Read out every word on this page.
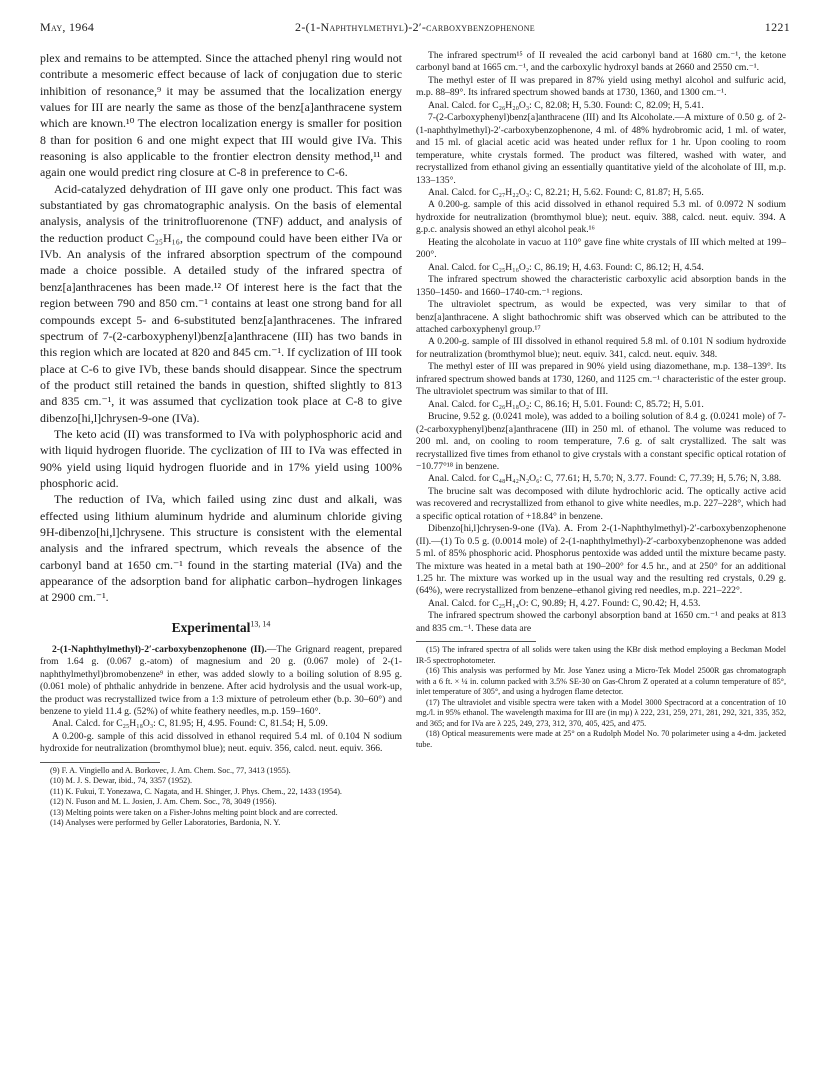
May, 1964	2-(1-Naphthylmethyl)-2′-carboxybenzophenone	1221

plex and remains to be attempted. Since the attached phenyl ring would not contribute a mesomeric effect because of lack of conjugation due to steric inhibition of resonance,⁹ it may be assumed that the localization energy values for III are nearly the same as those of the benz[a]anthracene system which are known.¹⁰ The electron localization energy is smaller for position 8 than for position 6 and one might expect that III would give IVa. This reasoning is also applicable to the frontier electron density method,¹¹ and again one would predict ring closure at C-8 in preference to C-6.

Acid-catalyzed dehydration of III gave only one product. This fact was substantiated by gas chromatographic analysis. On the basis of elemental analysis, analysis of the trinitrofluorenone (TNF) adduct, and analysis of the reduction product C₂₅H₁₆, the compound could have been either IVa or IVb. An analysis of the infrared absorption spectrum of the compound made a choice possible. A detailed study of the infrared spectra of benz[a]anthracenes has been made.¹² Of interest here is the fact that the region between 790 and 850 cm.⁻¹ contains at least one strong band for all compounds except 5- and 6-substituted benz[a]anthracenes. The infrared spectrum of 7-(2-carboxyphenyl)benz[a]anthracene (III) has two bands in this region which are located at 820 and 845 cm.⁻¹. If cyclization of III took place at C-6 to give IVb, these bands should disappear. Since the spectrum of the product still retained the bands in question, shifted slightly to 813 and 835 cm.⁻¹, it was assumed that cyclization took place at C-8 to give dibenzo[hi,l]chrysen-9-one (IVa).

The keto acid (II) was transformed to IVa with polyphosphoric acid and with liquid hydrogen fluoride. The cyclization of III to IVa was effected in 90% yield using liquid hydrogen fluoride and in 17% yield using 100% phosphoric acid.

The reduction of IVa, which failed using zinc dust and alkali, was effected using lithium aluminum hydride and aluminum chloride giving 9H-dibenzo[hi,l]chrysene. This structure is consistent with the elemental analysis and the infrared spectrum, which reveals the absence of the carbonyl band at 1650 cm.⁻¹ found in the starting material (IVa) and the appearance of the adsorption band for aliphatic carbon–hydrogen linkages at 2900 cm.⁻¹.

Experimental$^{13, 14}$

2-(1-Naphthylmethyl)-2′-carboxybenzophenone (II).—The Grignard reagent, prepared from 1.64 g. (0.067 g.-atom) of magnesium and 20 g. (0.067 mole) of 2-(1-naphthylmethyl)bromobenzene⁹ in ether, was added slowly to a boiling solution of 8.95 g. (0.061 mole) of phthalic anhydride in benzene. After acid hydrolysis and the usual work-up, the product was recrystallized twice from a 1:3 mixture of petroleum ether (b.p. 30–60°) and benzene to yield 11.4 g. (52%) of white feathery needles, m.p. 159–160°.

Anal. Calcd. for C₂₅H₁₈O₃: C, 81.95; H, 4.95. Found: C, 81.54; H, 5.09.

A 0.200-g. sample of this acid dissolved in ethanol required 5.4 ml. of 0.104 N sodium hydroxide for neutralization (bromthymol blue); neut. equiv. 356, calcd. neut. equiv. 366.

(9) F. A. Vingiello and A. Borkovec, J. Am. Chem. Soc., 77, 3413 (1955).

(10) M. J. S. Dewar, ibid., 74, 3357 (1952).

(11) K. Fukui, T. Yonezawa, C. Nagata, and H. Shinger, J. Phys. Chem., 22, 1433 (1954).

(12) N. Fuson and M. L. Josien, J. Am. Chem. Soc., 78, 3049 (1956).

(13) Melting points were taken on a Fisher-Johns melting point block and are corrected.

(14) Analyses were performed by Geller Laboratories, Bardonia, N. Y.

The infrared spectrum¹⁵ of II revealed the acid carbonyl band at 1680 cm.⁻¹, the ketone carbonyl band at 1665 cm.⁻¹, and the carboxylic hydroxyl bands at 2660 and 2550 cm.⁻¹.

The methyl ester of II was prepared in 87% yield using methyl alcohol and sulfuric acid, m.p. 88–89°. Its infrared spectrum showed bands at 1730, 1360, and 1300 cm.⁻¹.

Anal. Calcd. for C₂₆H₂₀O₃: C, 82.08; H, 5.30. Found: C, 82.09; H, 5.41.

7-(2-Carboxyphenyl)benz[a]anthracene (III) and Its Alcoholate.—A mixture of 0.50 g. of 2-(1-naphthylmethyl)-2′-carboxybenzophenone, 4 ml. of 48% hydrobromic acid, 1 ml. of water, and 15 ml. of glacial acetic acid was heated under reflux for 1 hr. Upon cooling to room temperature, white crystals formed. The product was filtered, washed with water, and recrystallized from ethanol giving an essentially quantitative yield of the alcoholate of III, m.p. 133–135°.

Anal. Calcd. for C₂₇H₂₂O₃: C, 82.21; H, 5.62. Found: C, 81.87; H, 5.65.

A 0.200-g. sample of this acid dissolved in ethanol required 5.3 ml. of 0.0972 N sodium hydroxide for neutralization (bromthymol blue); neut. equiv. 388, calcd. neut. equiv. 394. A g.p.c. analysis showed an ethyl alcohol peak.¹⁶

Heating the alcoholate in vacuo at 110° gave fine white crystals of III which melted at 199–200°.

Anal. Calcd. for C₂₅H₁₆O₂: C, 86.19; H, 4.63. Found: C, 86.12; H, 4.54.

The infrared spectrum showed the characteristic carboxylic acid absorption bands in the 1350–1450- and 1660–1740-cm.⁻¹ regions.

The ultraviolet spectrum, as would be expected, was very similar to that of benz[a]anthracene. A slight bathochromic shift was observed which can be attributed to the attached carboxyphenyl group.¹⁷

A 0.200-g. sample of III dissolved in ethanol required 5.8 ml. of 0.101 N sodium hydroxide for neutralization (bromthymol blue); neut. equiv. 341, calcd. neut. equiv. 348.

The methyl ester of III was prepared in 90% yield using diazomethane, m.p. 138–139°. Its infrared spectrum showed bands at 1730, 1260, and 1125 cm.⁻¹ characteristic of the ester group. The ultraviolet spectrum was similar to that of III.

Anal. Calcd. for C₂₆H₁₈O₂: C, 86.16; H, 5.01. Found: C, 85.72; H, 5.01.

Brucine, 9.52 g. (0.0241 mole), was added to a boiling solution of 8.4 g. (0.0241 mole) of 7-(2-carboxyphenyl)benz[a]anthracene (III) in 250 ml. of ethanol. The volume was reduced to 200 ml. and, on cooling to room temperature, 7.6 g. of salt crystallized. The salt was recrystallized five times from ethanol to give crystals with a constant specific optical rotation of −10.77°¹⁸ in benzene.

Anal. Calcd. for C₄₈H₄₂N₂O₆: C, 77.61; H, 5.70; N, 3.77. Found: C, 77.39; H, 5.76; N, 3.88.

The brucine salt was decomposed with dilute hydrochloric acid. The optically active acid was recovered and recrystallized from ethanol to give white needles, m.p. 227–228°, which had a specific optical rotation of +18.84° in benzene.

Dibenzo[hi,l]chrysen-9-one (IVa). A. From 2-(1-Naphthylmethyl)-2′-carboxybenzophenone (II).—(1) To 0.5 g. (0.0014 mole) of 2-(1-naphthylmethyl)-2′-carboxybenzophenone was added 5 ml. of 85% phosphoric acid. Phosphorus pentoxide was added until the mixture became pasty. The mixture was heated in a metal bath at 190–200° for 4.5 hr., and at 250° for an additional 1.25 hr. The mixture was worked up in the usual way and the resulting red crystals, 0.29 g. (64%), were recrystallized from benzene–ethanol giving red needles, m.p. 221–222°.

Anal. Calcd. for C₂₅H₁₄O: C, 90.89; H, 4.27. Found: C, 90.42; H, 4.53.

The infrared spectrum showed the carbonyl absorption band at 1650 cm.⁻¹ and peaks at 813 and 835 cm.⁻¹. These data are

(15) The infrared spectra of all solids were taken using the KBr disk method employing a Beckman Model IR-5 spectrophotometer.

(16) This analysis was performed by Mr. Jose Yanez using a Micro-Tek Model 2500R gas chromatograph with a 6 ft. × ¼ in. column packed with 3.5% SE-30 on Gas-Chrom Z operated at a column temperature of 85°, inlet temperature of 305°, and using a hydrogen flame detector.

(17) The ultraviolet and visible spectra were taken with a Model 3000 Spectracord at a concentration of 10 mg./l. in 95% ethanol. The wavelength maxima for III are (in mμ) λ 222, 231, 259, 271, 281, 292, 321, 335, 352, and 365; and for IVa are λ 225, 249, 273, 312, 370, 405, 425, and 475.

(18) Optical measurements were made at 25° on a Rudolph Model No. 70 polarimeter using a 4-dm. jacketed tube.
